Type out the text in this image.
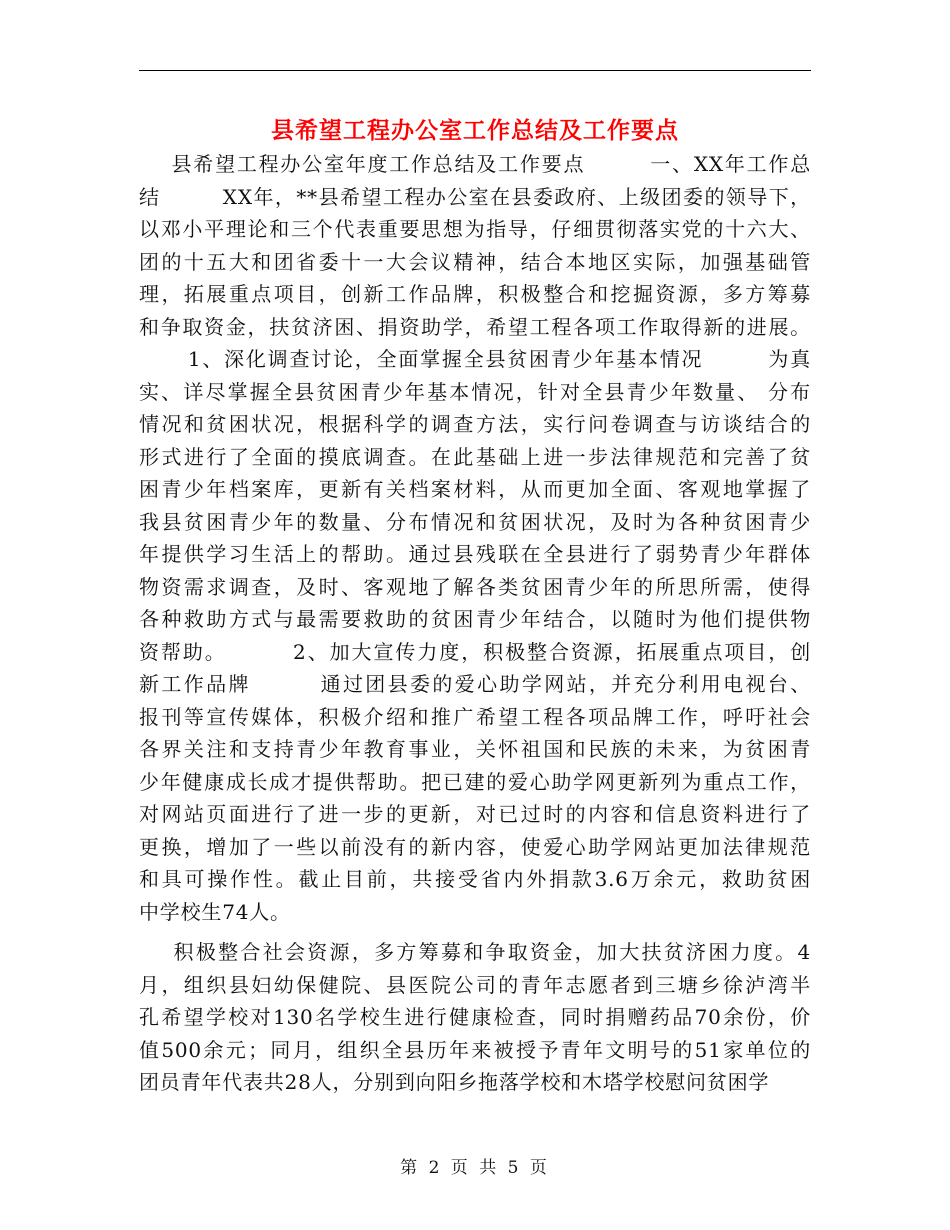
县希望工程办公室工作总结及工作要点
县希望工程办公室年度工作总结及工作要点        一、XX年工作总
结        XX年，**县希望工程办公室在县委政府、上级团委的领导下，
以邓小平理论和三个代表重要思想为指导，仔细贯彻落实党的十六大、
团的十五大和团省委十一大会议精神，结合本地区实际，加强基础管
理，拓展重点项目，创新工作品牌，积极整合和挖掘资源，多方筹募
和争取资金，扶贫济困、捐资助学，希望工程各项工作取得新的进展。
1、深化调查讨论，全面掌握全县贫困青少年基本情况        为真
实、详尽掌握全县贫困青少年基本情况，针对全县青少年数量、 分布
情况和贫困状况，根据科学的调查方法，实行问卷调查与访谈结合的
形式进行了全面的摸底调查。在此基础上进一步法律规范和完善了贫
困青少年档案库，更新有关档案材料，从而更加全面、客观地掌握了
我县贫困青少年的数量、分布情况和贫困状况，及时为各种贫困青少
年提供学习生活上的帮助。通过县残联在全县进行了弱势青少年群体
物资需求调查，及时、客观地了解各类贫困青少年的所思所需，使得
各种救助方式与最需要救助的贫困青少年结合，以随时为他们提供物
资帮助。        2、加大宣传力度，积极整合资源，拓展重点项目，创
新工作品牌        通过团县委的爱心助学网站，并充分利用电视台、
报刊等宣传媒体，积极介绍和推广希望工程各项品牌工作，呼吁社会
各界关注和支持青少年教育事业，关怀祖国和民族的未来，为贫困青
少年健康成长成才提供帮助。把已建的爱心助学网更新列为重点工作，
对网站页面进行了进一步的更新，对已过时的内容和信息资料进行了
更换，增加了一些以前没有的新内容，使爱心助学网站更加法律规范
和具可操作性。截止目前，共接受省内外捐款3.6万余元，救助贫困
中学校生74人。
积极整合社会资源，多方筹募和争取资金，加大扶贫济困力度。4
月，组织县妇幼保健院、县医院公司的青年志愿者到三塘乡徐泸湾半
孔希望学校对130名学校生进行健康检查，同时捐赠药品70余份，价
值500余元；同月，组织全县历年来被授予青年文明号的51家单位的
团员青年代表共28人，分别到向阳乡拖落学校和木塔学校慰问贫困学
第 2 页 共 5 页
